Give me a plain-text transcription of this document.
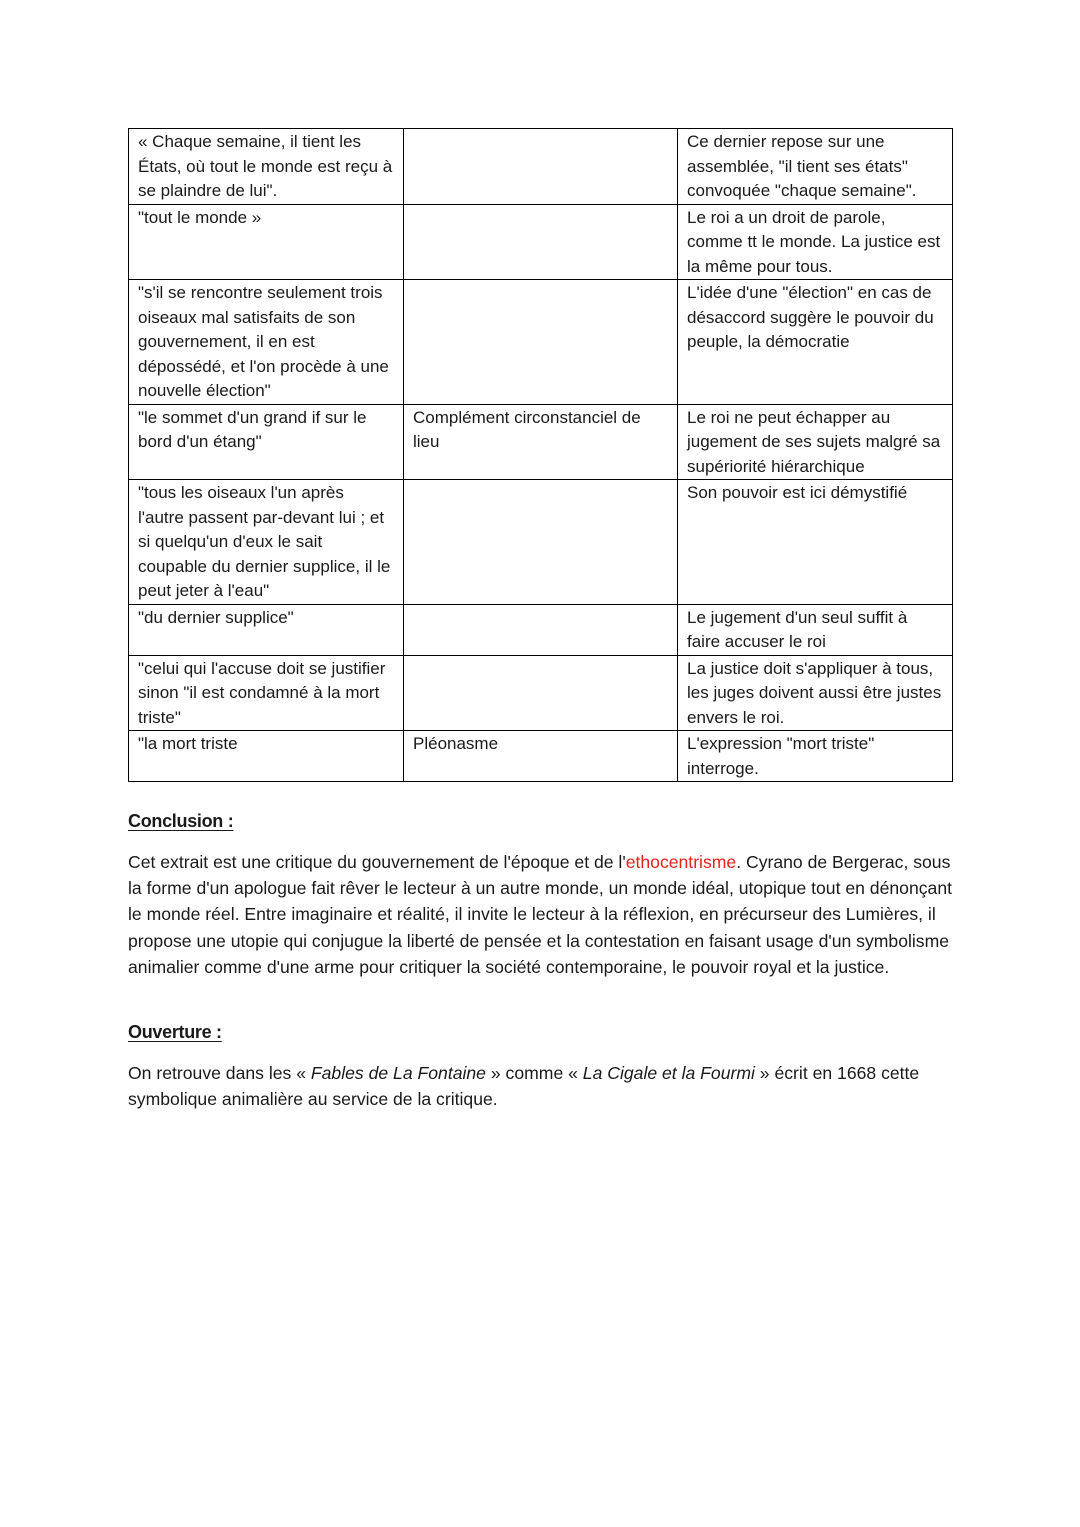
« Chaque semaine, il tient les États, où tout le monde est reçu à se plaindre de lui".		Ce dernier repose sur une assemblée, "il tient ses états" convoquée "chaque semaine".
"tout le monde »		Le roi a un droit de parole, comme tt le monde. La justice est la même pour tous.
"s'il se rencontre seulement trois oiseaux mal satisfaits de son gouvernement, il en est dépossédé, et l'on procède à une nouvelle élection"		L'idée d'une "élection" en cas de désaccord suggère le pouvoir du peuple, la démocratie
"le sommet d'un grand if sur le bord d'un étang"	Complément circonstanciel de lieu	Le roi ne peut échapper au jugement de ses sujets malgré sa supériorité hiérarchique
"tous les oiseaux l'un après l'autre passent par-devant lui ; et si quelqu'un d'eux le sait coupable du dernier supplice, il le peut jeter à l'eau"		Son pouvoir est ici démystifié
"du dernier supplice"		Le jugement d'un seul suffit à faire accuser le roi
"celui qui l'accuse doit se justifier sinon "il est condamné à la mort triste"		La justice doit s'appliquer à tous, les juges doivent aussi être justes envers le roi.
"la mort triste	Pléonasme	L'expression "mort triste" interroge.
Conclusion :
Cet extrait est une critique du gouvernement de l'époque et de l'ethocentrisme. Cyrano de Bergerac, sous la forme d'un apologue fait rêver le lecteur à un autre monde, un monde idéal, utopique tout en dénonçant le monde réel. Entre imaginaire et réalité, il invite le lecteur à la réflexion, en précurseur des Lumières, il propose une utopie qui conjugue la liberté de pensée et la contestation en faisant usage d'un symbolisme animalier comme d'une arme pour critiquer la société contemporaine, le pouvoir royal et la justice.
Ouverture :
On retrouve dans les « Fables de La Fontaine » comme « La Cigale et la Fourmi » écrit en 1668 cette symbolique animalière au service de la critique.
